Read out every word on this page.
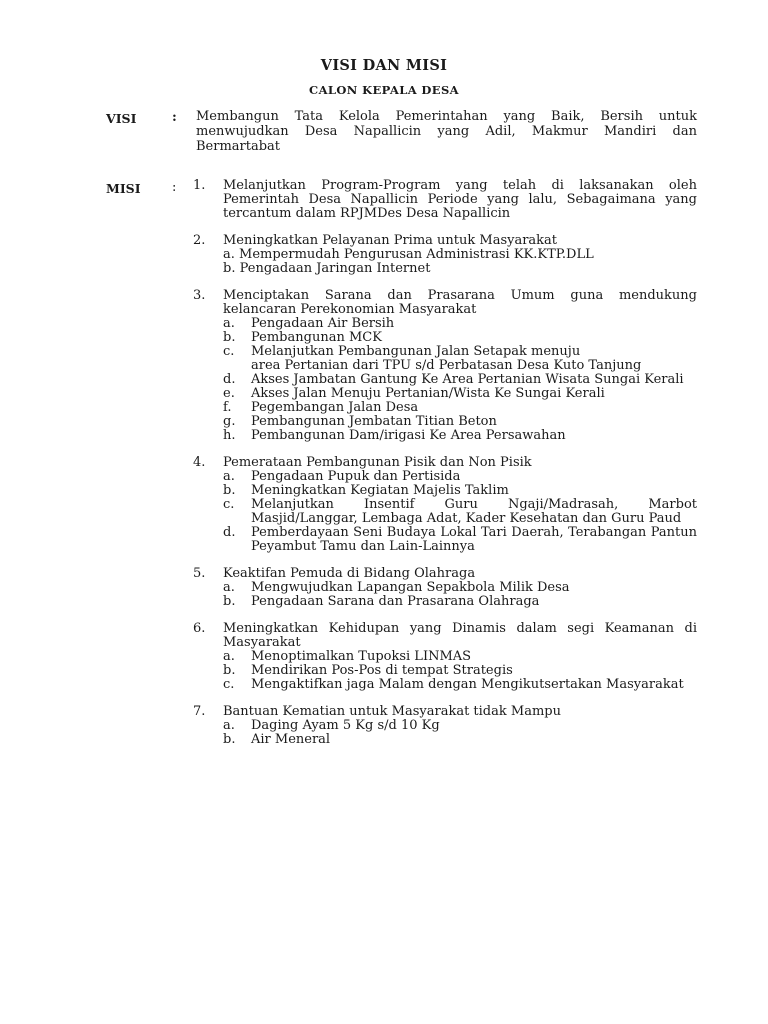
VISI DAN MISI
CALON KEPALA DESA
VISI	: Membangun Tata Kelola Pemerintahan yang Baik, Bersih untuk menwujudkan Desa Napallicin yang Adil, Makmur Mandiri dan Bermartabat
MISI : 1. Melanjutkan Program-Program yang telah di laksanakan oleh Pemerintah Desa Napallicin Periode yang lalu, Sebagaimana yang tercantum dalam RPJMDes Desa Napallicin
2. Meningkatkan Pelayanan Prima untuk Masyarakat
a. Mempermudah Pengurusan Administrasi KK.KTP.DLL
b. Pengadaan Jaringan Internet
3. Menciptakan Sarana dan Prasarana Umum guna mendukung kelancaran Perekonomian Masyarakat
a. Pengadaan Air Bersih
b. Pembangunan MCK
c. Melanjutkan Pembangunan Jalan Setapak menuju
area Pertanian dari TPU s/d Perbatasan Desa Kuto Tanjung
d. Akses Jambatan Gantung Ke Area Pertanian Wisata Sungai Kerali
e. Akses Jalan Menuju Pertanian/Wista Ke Sungai Kerali
f. Pegembangan Jalan Desa
g. Pembangunan Jembatan Titian Beton
h. Pembangunan Dam/irigasi Ke Area Persawahan
4. Pemerataan Pembangunan Pisik dan Non Pisik
a. Pengadaan Pupuk dan Pertisida
b. Meningkatkan Kegiatan Majelis Taklim
c. Melanjutkan Insentif Guru Ngaji/Madrasah, Marbot Masjid/Langgar, Lembaga Adat, Kader Kesehatan dan Guru Paud
d. Pemberdayaan Seni Budaya Lokal Tari Daerah, Terabangan Pantun Peyambut Tamu dan Lain-Lainnya
5. Keaktifan Pemuda di Bidang Olahraga
a. Mengwujudkan Lapangan Sepakbola Milik Desa
b. Pengadaan Sarana dan Prasarana Olahraga
6. Meningkatkan Kehidupan yang Dinamis dalam segi Keamanan di Masyarakat
a. Menoptimalkan Tupoksi LINMAS
b. Mendirikan Pos-Pos di tempat Strategis
c. Mengaktifkan jaga Malam dengan Mengikutsertakan Masyarakat
7. Bantuan Kematian untuk Masyarakat tidak Mampu
a. Daging Ayam 5 Kg s/d 10 Kg
b. Air Meneral
